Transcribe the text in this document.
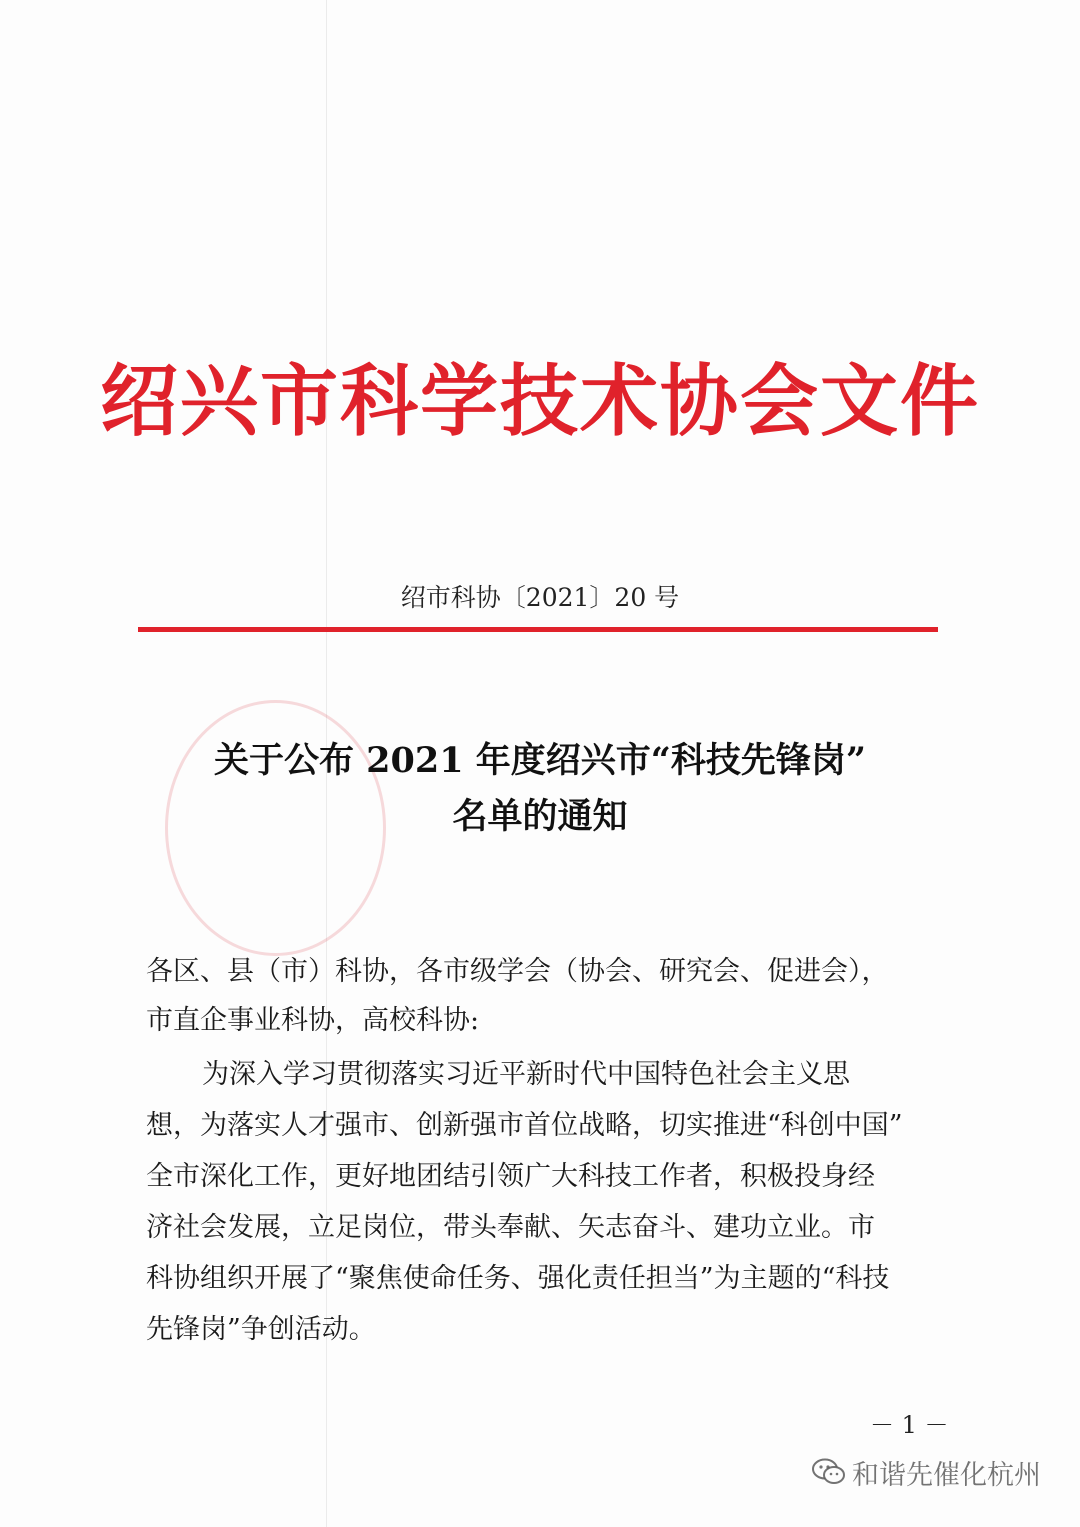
绍兴市科学技术协会文件
绍市科协〔2021〕20 号
关于公布 2021 年度绍兴市“科技先锋岗”
名单的通知
各区、县（市）科协，各市级学会（协会、研究会、促进会），
市直企事业科协，高校科协:
为深入学习贯彻落实习近平新时代中国特色社会主义思
想，为落实人才强市、创新强市首位战略，切实推进“科创中国”
全市深化工作，更好地团结引领广大科技工作者，积极投身经
济社会发展，立足岗位，带头奉献、矢志奋斗、建功立业。市
科协组织开展了“聚焦使命任务、强化责任担当”为主题的“科技
先锋岗”争创活动。
－ 1 －
和谐先催化杭州
